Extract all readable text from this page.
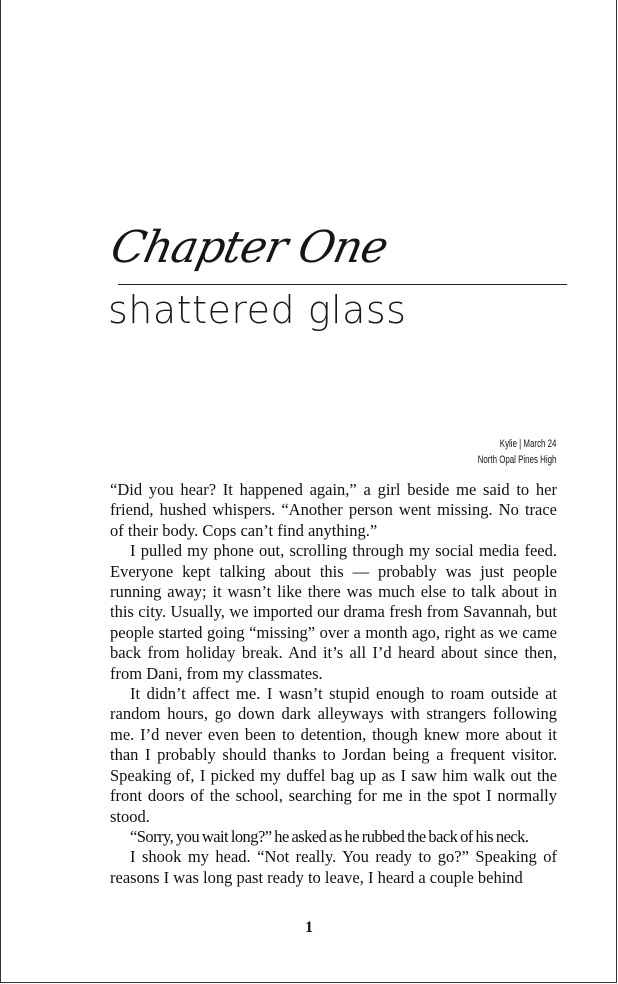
Chapter One
shattered glass
Kylie | March 24
North Opal Pines High

“Did you hear? It happened again,” a girl beside me said to her friend, hushed whispers. “Another person went missing. No trace of their body. Cops can’t find anything.”

I pulled my phone out, scrolling through my social media feed. Everyone kept talking about this — probably was just people running away; it wasn’t like there was much else to talk about in this city. Usually, we imported our drama fresh from Savannah, but people started going “missing” over a month ago, right as we came back from holiday break. And it’s all I’d heard about since then, from Dani, from my classmates.

It didn’t affect me. I wasn’t stupid enough to roam outside at random hours, go down dark alleyways with strangers following me. I’d never even been to detention, though knew more about it than I probably should thanks to Jordan being a frequent visitor. Speaking of, I picked my duffel bag up as I saw him walk out the front doors of the school, searching for me in the spot I normally stood.

“Sorry, you wait long?” he asked as he rubbed the back of his neck.

I shook my head. “Not really. You ready to go?” Speaking of reasons I was long past ready to leave, I heard a couple behind

1
